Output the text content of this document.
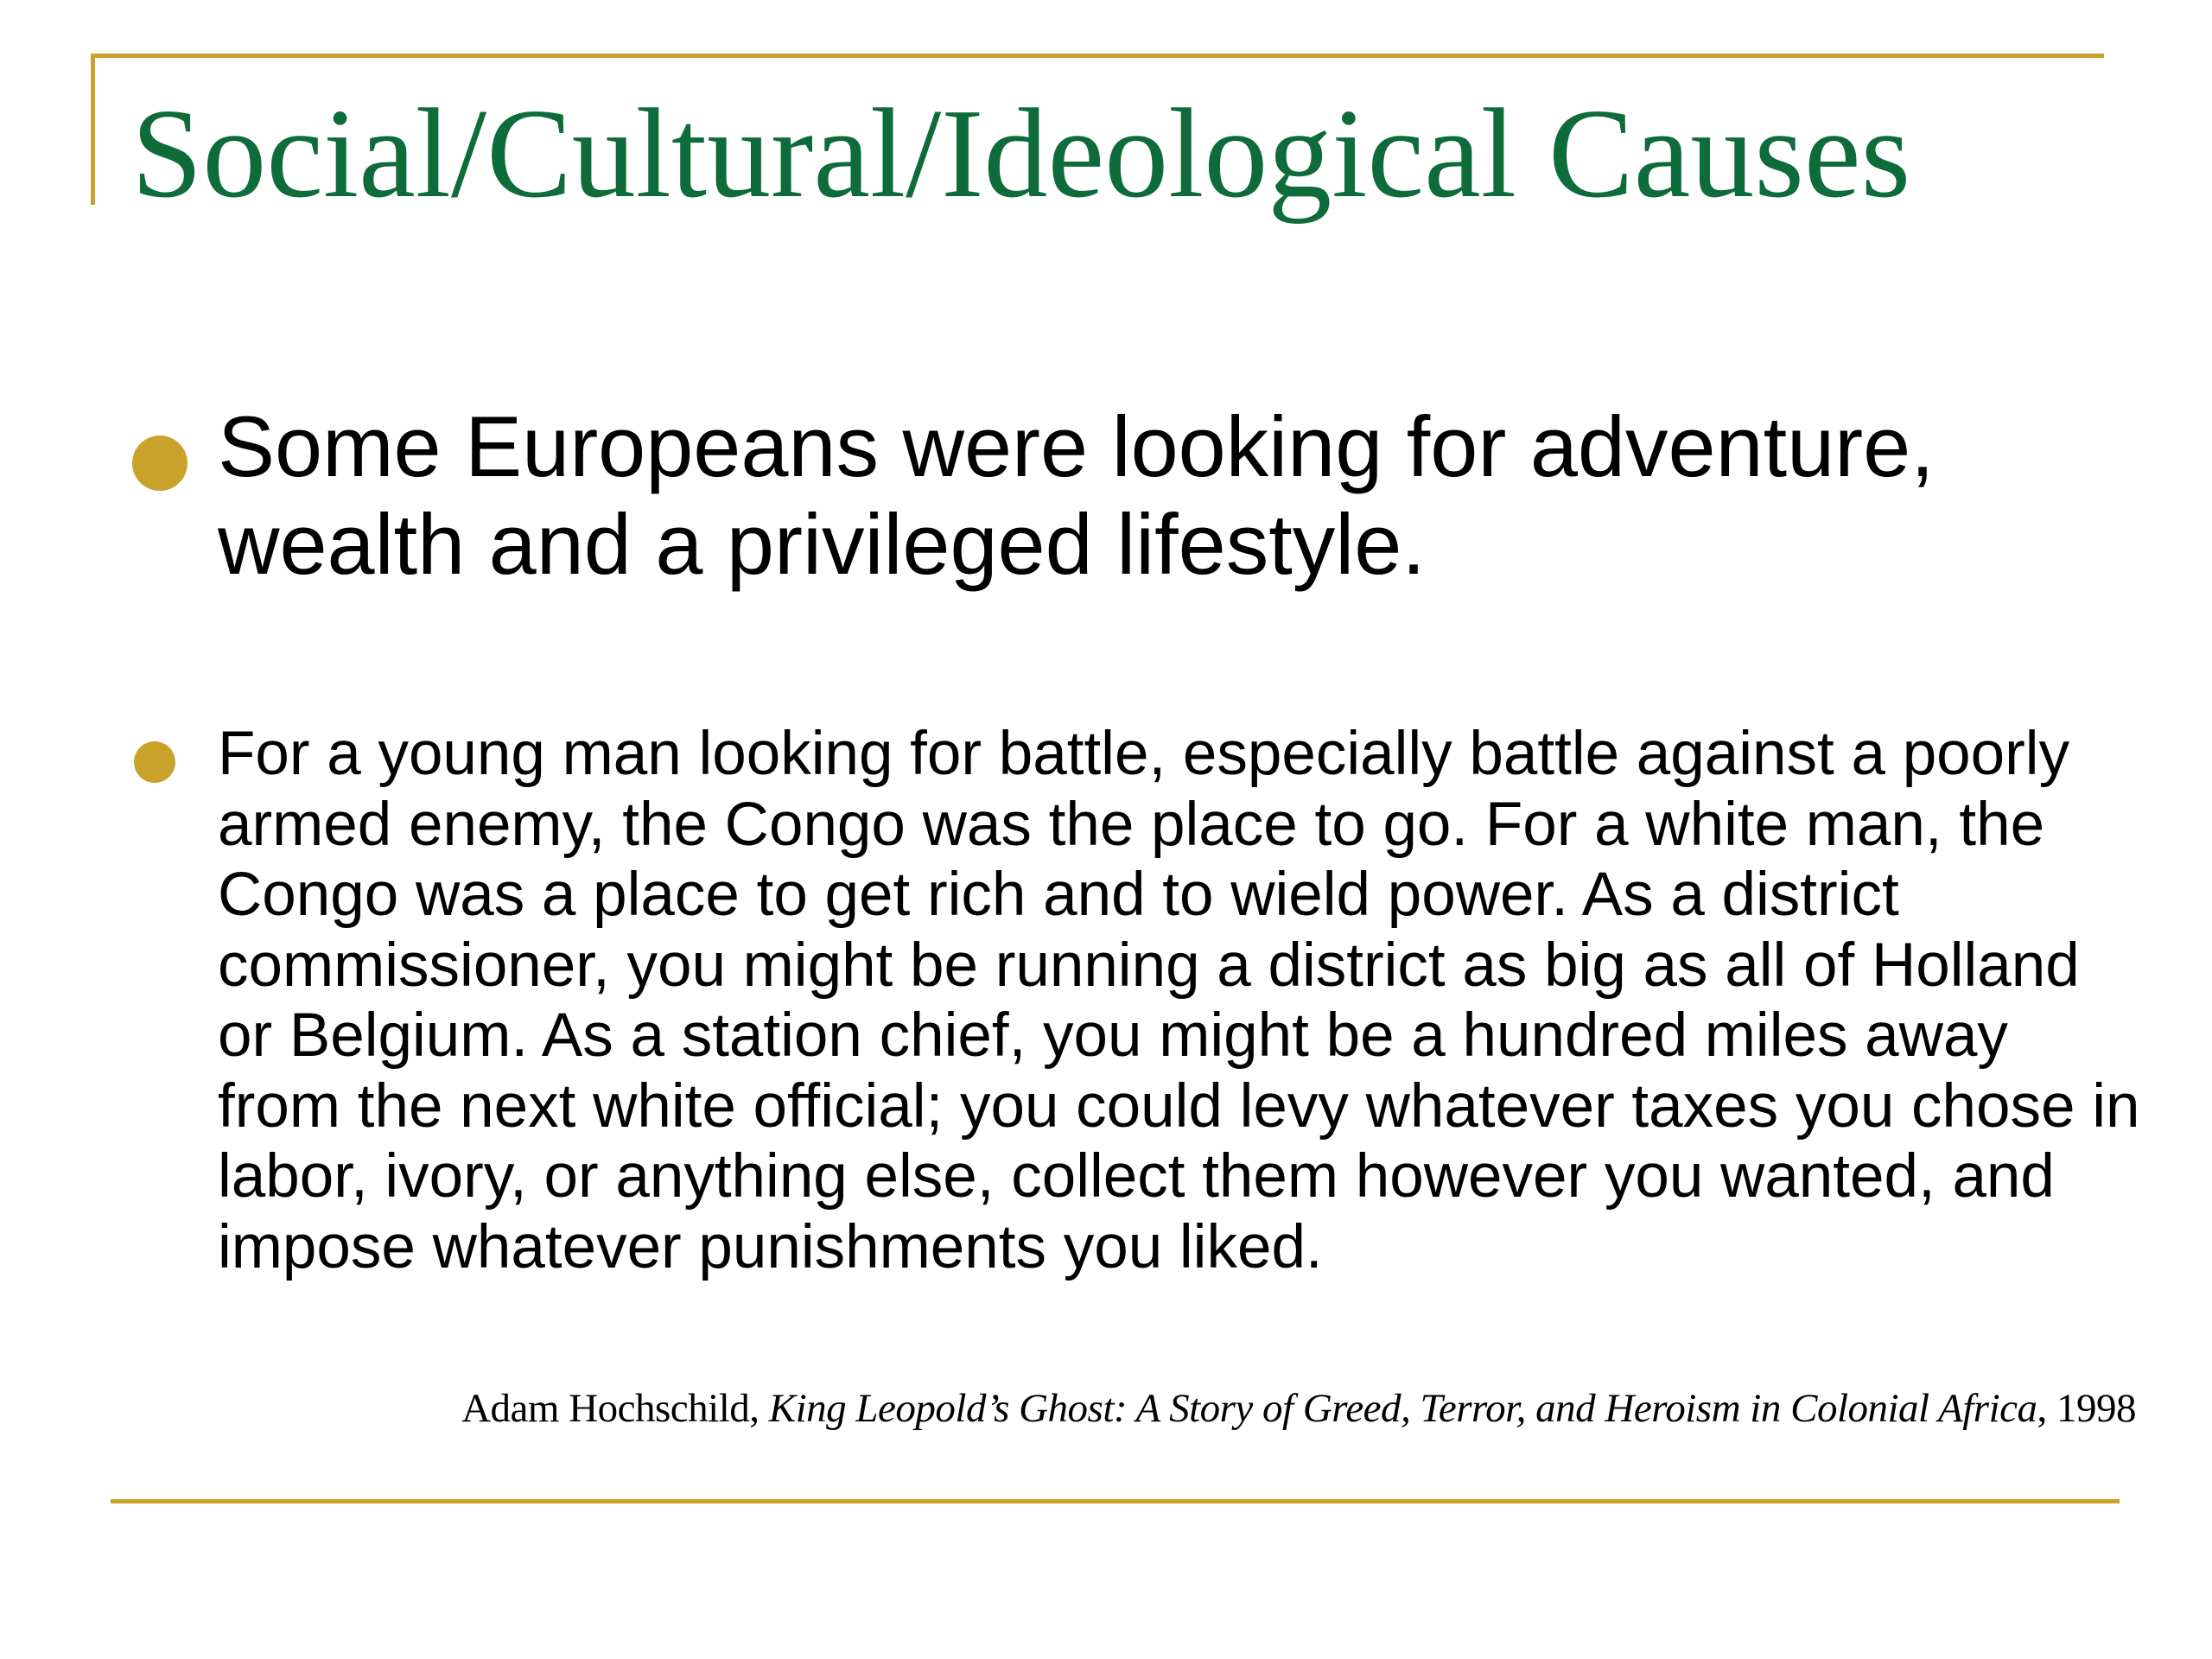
Social/Cultural/Ideological Causes

Some Europeans were looking for adventure, wealth and a privileged lifestyle.

For a young man looking for battle, especially battle against a poorly armed enemy, the Congo was the place to go. For a white man, the Congo was a place to get rich and to wield power. As a district commissioner, you might be running a district as big as all of Holland or Belgium. As a station chief, you might be a hundred miles away from the next white official; you could levy whatever taxes you chose in labor, ivory, or anything else, collect them however you wanted, and impose whatever punishments you liked.

Adam Hochschild, King Leopold’s Ghost: A Story of Greed, Terror, and Heroism in Colonial Africa, 1998
